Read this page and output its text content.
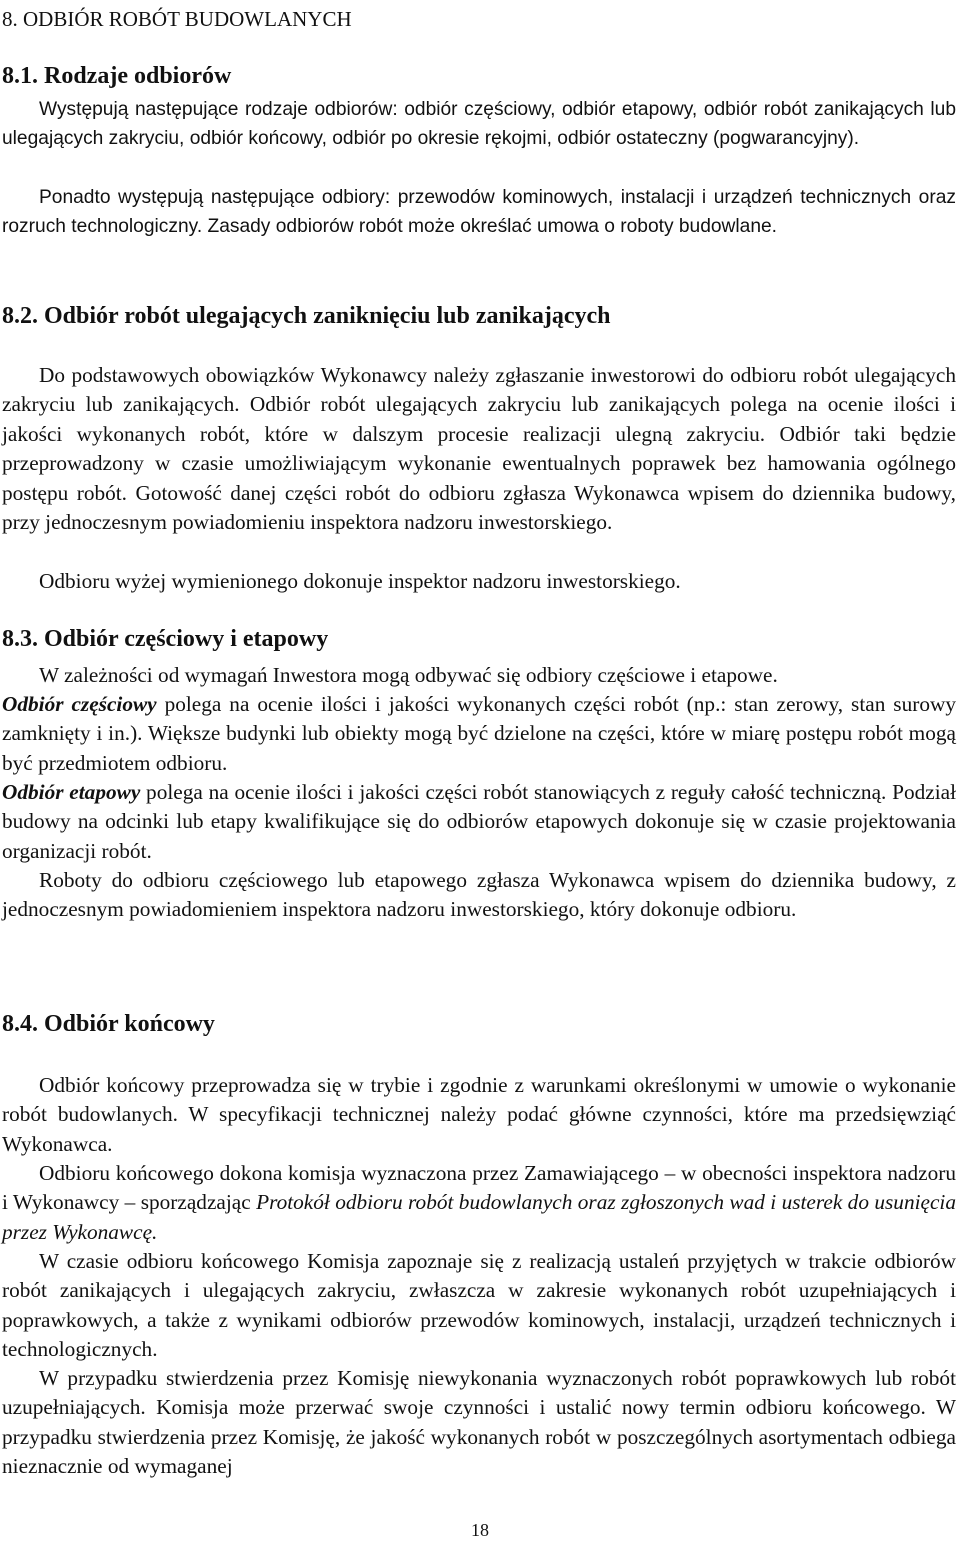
8. ODBIÓR ROBÓT BUDOWLANYCH
8.1. Rodzaje odbiorów

Występują następujące rodzaje odbiorów: odbiór częściowy, odbiór etapowy, odbiór robót zanikających lub ulegających zakryciu, odbiór końcowy, odbiór po okresie rękojmi, odbiór ostateczny (pogwarancyjny).

Ponadto występują następujące odbiory: przewodów kominowych, instalacji i urządzeń technicznych oraz rozruch technologiczny. Zasady odbiorów robót może określać umowa o roboty budowlane.

8.2. Odbiór robót ulegających zaniknięciu lub zanikających

Do podstawowych obowiązków Wykonawcy należy zgłaszanie inwestorowi do odbioru robót ulegających zakryciu lub zanikających. Odbiór robót ulegających zakryciu lub zanikających polega na ocenie ilości i jakości wykonanych robót, które w dalszym procesie realizacji ulegną zakryciu. Odbiór taki będzie przeprowadzony w czasie umożliwiającym wykonanie ewentualnych poprawek bez hamowania ogólnego postępu robót. Gotowość danej części robót do odbioru zgłasza Wykonawca wpisem do dziennika budowy, przy jednoczesnym powiadomieniu inspektora nadzoru inwestorskiego.

Odbioru wyżej wymienionego dokonuje inspektor nadzoru inwestorskiego.

8.3. Odbiór częściowy i etapowy

W zależności od wymagań Inwestora mogą odbywać się odbiory częściowe i etapowe.

Odbiór częściowy polega na ocenie ilości i jakości wykonanych części robót (np.: stan zerowy, stan surowy zamknięty i in.). Większe budynki lub obiekty mogą być dzielone na części, które w miarę postępu robót mogą być przedmiotem odbioru.

Odbiór etapowy polega na ocenie ilości i jakości części robót stanowiących z reguły całość techniczną. Podział budowy na odcinki lub etapy kwalifikujące się do odbiorów etapowych dokonuje się w czasie projektowania organizacji robót.

Roboty do odbioru częściowego lub etapowego zgłasza Wykonawca wpisem do dziennika budowy, z jednoczesnym powiadomieniem inspektora nadzoru inwestorskiego, który dokonuje odbioru.

8.4. Odbiór końcowy

Odbiór końcowy przeprowadza się w trybie i zgodnie z warunkami określonymi w umowie o wykonanie robót budowlanych. W specyfikacji technicznej należy podać główne czynności, które ma przedsięwziąć Wykonawca.

Odbioru końcowego dokona komisja wyznaczona przez Zamawiającego – w obecności inspektora nadzoru i Wykonawcy – sporządzając Protokół odbioru robót budowlanych oraz zgłoszonych wad i usterek do usunięcia przez Wykonawcę.

W czasie odbioru końcowego Komisja zapoznaje się z realizacją ustaleń przyjętych w trakcie odbiorów robót zanikających i ulegających zakryciu, zwłaszcza w zakresie wykonanych robót uzupełniających i poprawkowych, a także z wynikami odbiorów przewodów kominowych, instalacji, urządzeń technicznych i technologicznych.

W przypadku stwierdzenia przez Komisję niewykonania wyznaczonych robót poprawkowych lub robót uzupełniających. Komisja może przerwać swoje czynności i ustalić nowy termin odbioru końcowego. W przypadku stwierdzenia przez Komisję, że jakość wykonanych robót w poszczególnych asortymentach odbiega nieznacznie od wymaganej

18
